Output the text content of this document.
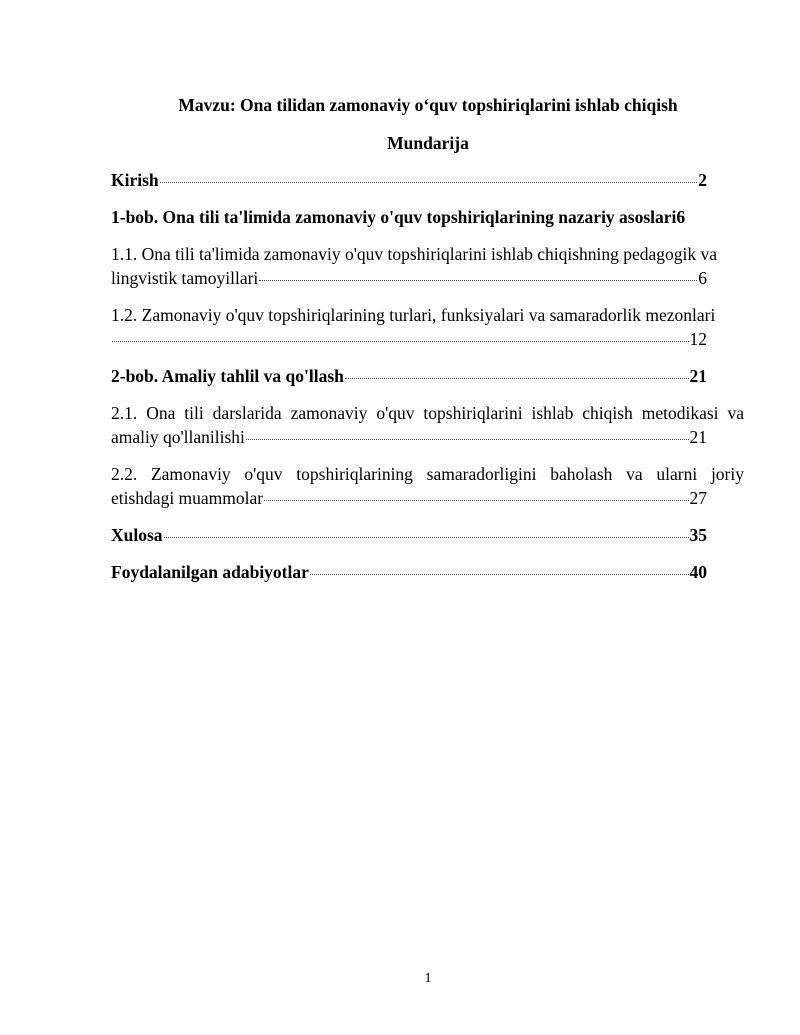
Mavzu: Ona tilidan zamonaviy o‘quv topshiriqlarini ishlab chiqish
Mundarija
Kirish	2
1-bob. Ona tili ta'limida zamonaviy o'quv topshiriqlarining nazariy asoslari 6
1.1. Ona tili ta'limida zamonaviy o'quv topshiriqlarini ishlab chiqishning pedagogik va
lingvistik tamoyillari	6
1.2. Zamonaviy o'quv topshiriqlarining turlari, funksiyalari va samaradorlik mezonlari
12
2-bob. Amaliy tahlil va qo'llash	21
2.1. Ona tili darslarida zamonaviy o'quv topshiriqlarini ishlab chiqish metodikasi va
amaliy qo'llanilishi	21
2.2. Zamonaviy o'quv topshiriqlarining samaradorligini baholash va ularni joriy
etishdagi muammolar	27
Xulosa	35
Foydalanilgan adabiyotlar	40
1
